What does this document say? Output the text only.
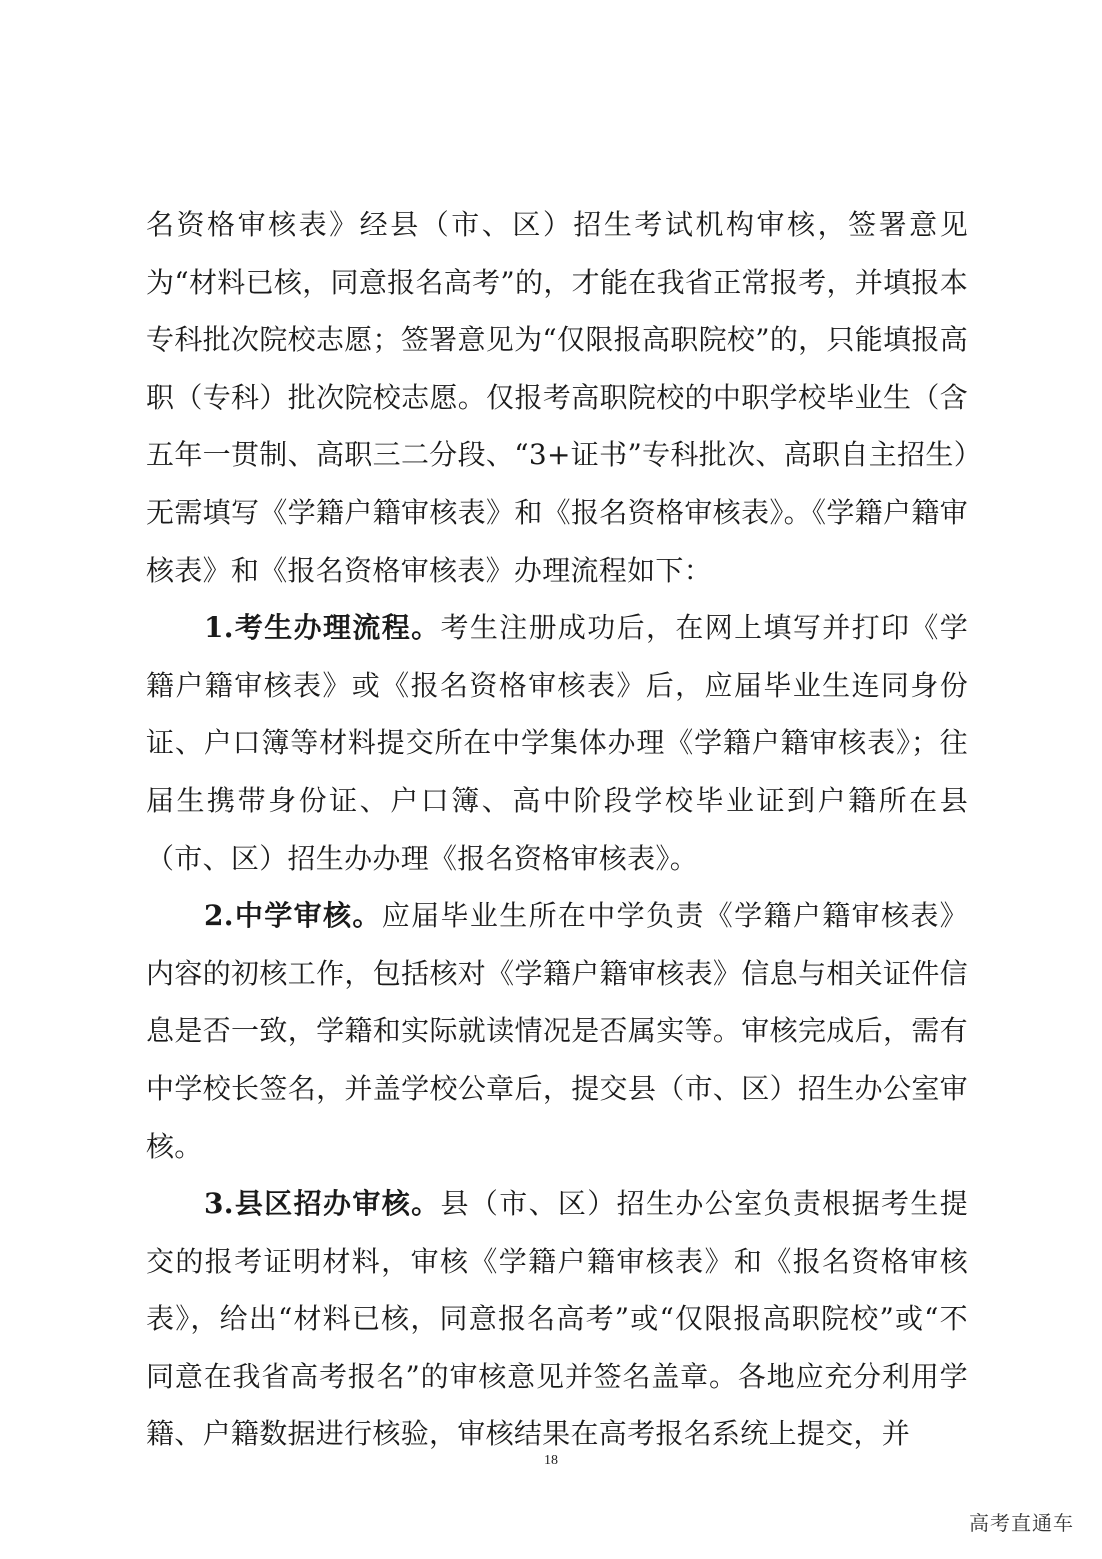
名资格审核表》经县（市、区）招生考试机构审核，签署意见为“材料已核，同意报名高考”的，才能在我省正常报考，并填报本专科批次院校志愿；签署意见为“仅限报高职院校”的，只能填报高职（专科）批次院校志愿。仅报考高职院校的中职学校毕业生（含五年一贯制、高职三二分段、“3+证书”专科批次、高职自主招生）无需填写《学籍户籍审核表》和《报名资格审核表》。《学籍户籍审核表》和《报名资格审核表》办理流程如下：

1.考生办理流程。考生注册成功后，在网上填写并打印《学籍户籍审核表》或《报名资格审核表》后，应届毕业生连同身份证、户口簿等材料提交所在中学集体办理《学籍户籍审核表》；往届生携带身份证、户口簿、高中阶段学校毕业证到户籍所在县（市、区）招生办办理《报名资格审核表》。

2.中学审核。应届毕业生所在中学负责《学籍户籍审核表》内容的初核工作，包括核对《学籍户籍审核表》信息与相关证件信息是否一致，学籍和实际就读情况是否属实等。审核完成后，需有中学校长签名，并盖学校公章后，提交县（市、区）招生办公室审核。

3.县区招办审核。县（市、区）招生办公室负责根据考生提交的报考证明材料，审核《学籍户籍审核表》和《报名资格审核表》，给出“材料已核，同意报名高考”或“仅限报高职院校”或“不同意在我省高考报名”的审核意见并签名盖章。各地应充分利用学籍、户籍数据进行核验，审核结果在高考报名系统上提交，并

18
高考直通车
